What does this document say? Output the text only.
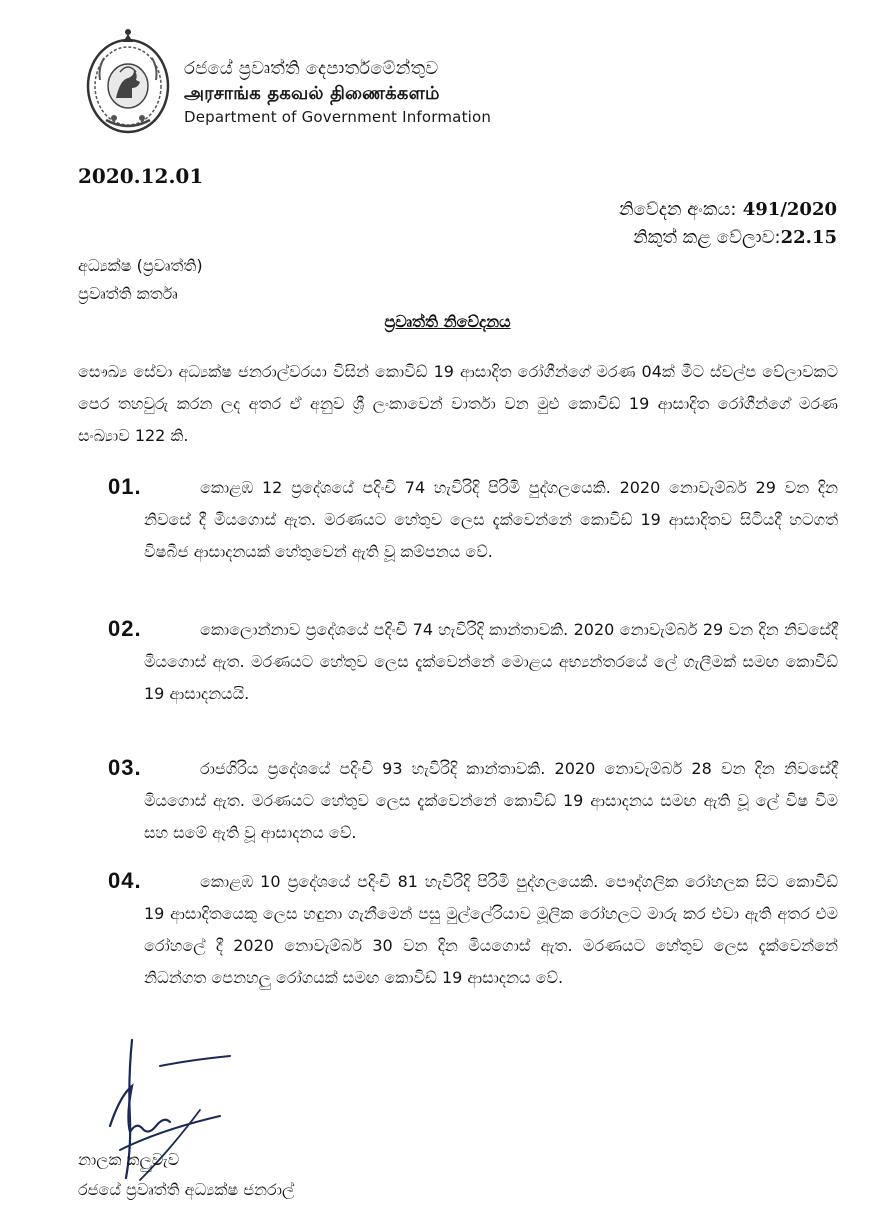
රජයේ ප්‍රවෘත්ති දෙපාර්තමේන්තුව
அரசாங்க தகவல் திணைக்களம்
Department of Government Information
2020.12.01
නිවේදන අංකය: 491/2020
නිකුත් කළ වේලාව:22.15
අධ්‍යක්ෂ (ප්‍රවෘත්ති)
ප්‍රවෘත්ති කර්තෘ
ප්‍රවෘත්ති නිවේදනය
සෞඛ්‍ය සේවා අධ්‍යක්ෂ ජනරාල්වරයා විසින් කොවිඩ් 19 ආසාදිත රෝගීන්ගේ මරණ 04ක් මීට ස්වල්ප වේලාවකට පෙර තහවුරු කරන ලද අතර ඒ අනුව ශ්‍රී ලංකාවෙන් වාර්තා වන මුළු කොවිඩ් 19 ආසාදිත රෝගීන්ගේ මරණ සංඛ්‍යාව 122 කි.
01.	කොළඹ 12 ප්‍රදේශයේ පදිංචි 74 හැවිරිදි පිරිමි පුද්ගලයෙකි. 2020 නොවැම්බර් 29 වන දින නිවසේ දී මියගොස් ඇත. මරණයට හේතුව ලෙස දැක්වෙන්නේ කොවිඩ් 19 ආසාදිතව සිටියදී හටගත් විෂබීජ ආසාදනයක් හේතුවෙන් ඇති වූ කම්පනය වේ.
02.	කොලොන්නාව ප්‍රදේශයේ පදිංචි 74 හැවිරිදි කාන්තාවකි. 2020 නොවැම්බර් 29 වන දින නිවසේදී මියගොස් ඇත. මරණයට හේතුව ලෙස දැක්වෙන්නේ මොළය අභ්‍යන්තරයේ ලේ ගැලීමක් සමඟ කොවිඩ් 19 ආසාදනයයි.
03.	රාජගිරිය ප්‍රදේශයේ පදිංචි 93 හැවිරිදි කාන්තාවකි. 2020 නොවැම්බර් 28 වන දින නිවසේදී මියගොස් ඇත. මරණයට හේතුව ලෙස දැක්වෙන්නේ කොවිඩ් 19 ආසාදනය සමඟ ඇති වූ ලේ විෂ වීම සහ සමේ ඇති වූ ආසාදනය වේ.
04.	කොළඹ 10 ප්‍රදේශයේ පදිංචි 81 හැවිරිදි පිරිමි පුද්ගලයෙකි. පෞද්ගලික රෝහලක සිට කොවිඩ් 19 ආසාදිතයෙකු ලෙස හඳුනා ගැනීමෙන් පසු මුල්ලේරියාව මූලික රෝහලට මාරු කර එවා ඇති අතර එම රෝහලේ දී 2020 නොවැම්බර් 30 වන දින මියගොස් ඇත. මරණයට හේතුව ලෙස දැක්වෙන්නේ නිධන්ගත පෙනහලු රෝගයක් සමඟ කොවිඩ් 19 ආසාදනය වේ.
නාලක කලුවැව
රජයේ ප්‍රවෘත්ති අධ්‍යක්ෂ ජනරාල්
